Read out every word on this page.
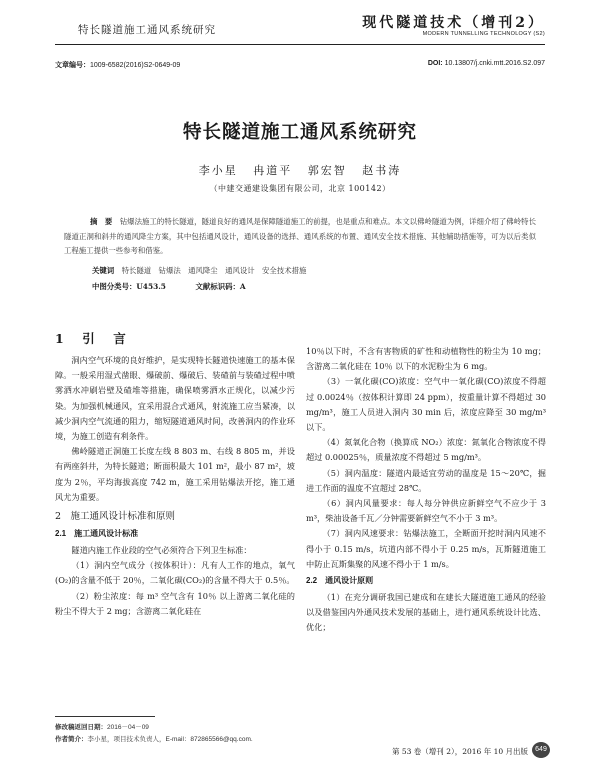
特长隧道施工通风系统研究	现代隧道技术（增刊2）
MODERN TUNNELLING TECHNOLOGY (S2)
文章编号：1009-6582(2016)S2-0649-09	DOI: 10.13807/j.cnki.mtt.2016.S2.097
特长隧道施工通风系统研究
李小星 冉道平 郭宏智 赵书涛
（中建交通建设集团有限公司，北京 100142）
摘　要　 钻爆法施工的特长隧道，隧道良好的通风是保障隧道施工的前提，也是重点和难点。本文以佛岭隧道为例，详细介绍了佛岭特长隧道正洞和斜井的通风降尘方案，其中包括通风设计，通风设备的选择、通风系统的布置、通风安全技术措施、其他辅助措施等，可为以后类似工程施工提供一些参考和借鉴。
关键词　 特长隧道　钻爆法　通风降尘　通风设计　安全技术措施
中图分类号：U453.5　　　　	文献标识码：A
1　引　言

洞内空气环境的良好维护，是实现特长隧道快速施工的基本保障。一般采用湿式凿眼、爆破前、爆破后、装碴前与装碴过程中喷雾洒水冲刷岩壁及碴堆等措施，确保喷雾洒水正规化，以减少污染。为加强机械通风，宜采用混合式通风，射流施工应当紧凑，以减少洞内空气流通的阻力，缩短隧道通风时间，改善洞内的作业环境，为施工创造有利条件。

佛岭隧道正洞施工长度左线 8 803 m、右线 8 805 m，并设有两座斜井，为特长隧道；断面积最大 101 m²，最小 87 m²，坡度为 2％，平均海拔高度 742 m，施工采用钻爆法开挖，施工通风尤为重要。

2　施工通风设计标准和原则
2.1　施工通风设计标准

隧道内施工作业段的空气必须符合下列卫生标准：

（1）洞内空气成分（按体积计）：凡有人工作的地点，氧气(O₂)的含量不低于 20％，二氧化碳(CO₂)的含量不得大于 0.5％。

（2）粉尘浓度：每 m³ 空气含有 10％ 以上游离二氧化硅的粉尘不得大于 2 mg；含游离二氧化硅在

10％以下时，不含有害物质的矿性和动植物性的粉尘为 10 mg；含游离二氧化硅在 10％ 以下的水泥粉尘为 6 mg。

（3）一氧化碳(CO)浓度：空气中一氧化碳(CO)浓度不得超过 0.0024％（按体积计算即 24 ppm），按重量计算不得超过 30 mg/m³，施工人员进入洞内 30 min 后，浓度应降至 30 mg/m³ 以下。

（4）氮氧化合物（换算成 NO₂）浓度：氮氧化合物浓度不得超过 0.00025％，质量浓度不得超过 5 mg/m³。

（5）洞内温度：隧道内最适宜劳动的温度是 15～20℃，掘进工作面的温度不宜超过 28℃。

（6）洞内风量要求：每人每分钟供应新鲜空气不应少于 3 m³，柴油设备千瓦／分钟需要新鲜空气不小于 3 m³。

（7）洞内风速要求：钻爆法施工，全断面开挖时洞内风速不得小于 0.15 m/s，坑道内部不得小于 0.25 m/s，瓦斯隧道施工中防止瓦斯集聚的风速不得小于 1 m/s。

2.2　通风设计原则

（1）在充分调研我国已建成和在建长大隧道施工通风的经验以及借鉴国内外通风技术发展的基础上，进行通风系统设计比选、优化；

修改稿返回日期：2016－04－09
作者简介：李小星，项目技术负责人，E-mail：872865566@qq.com.
第 53 卷（增刊 2），2016 年 10 月出版	649
